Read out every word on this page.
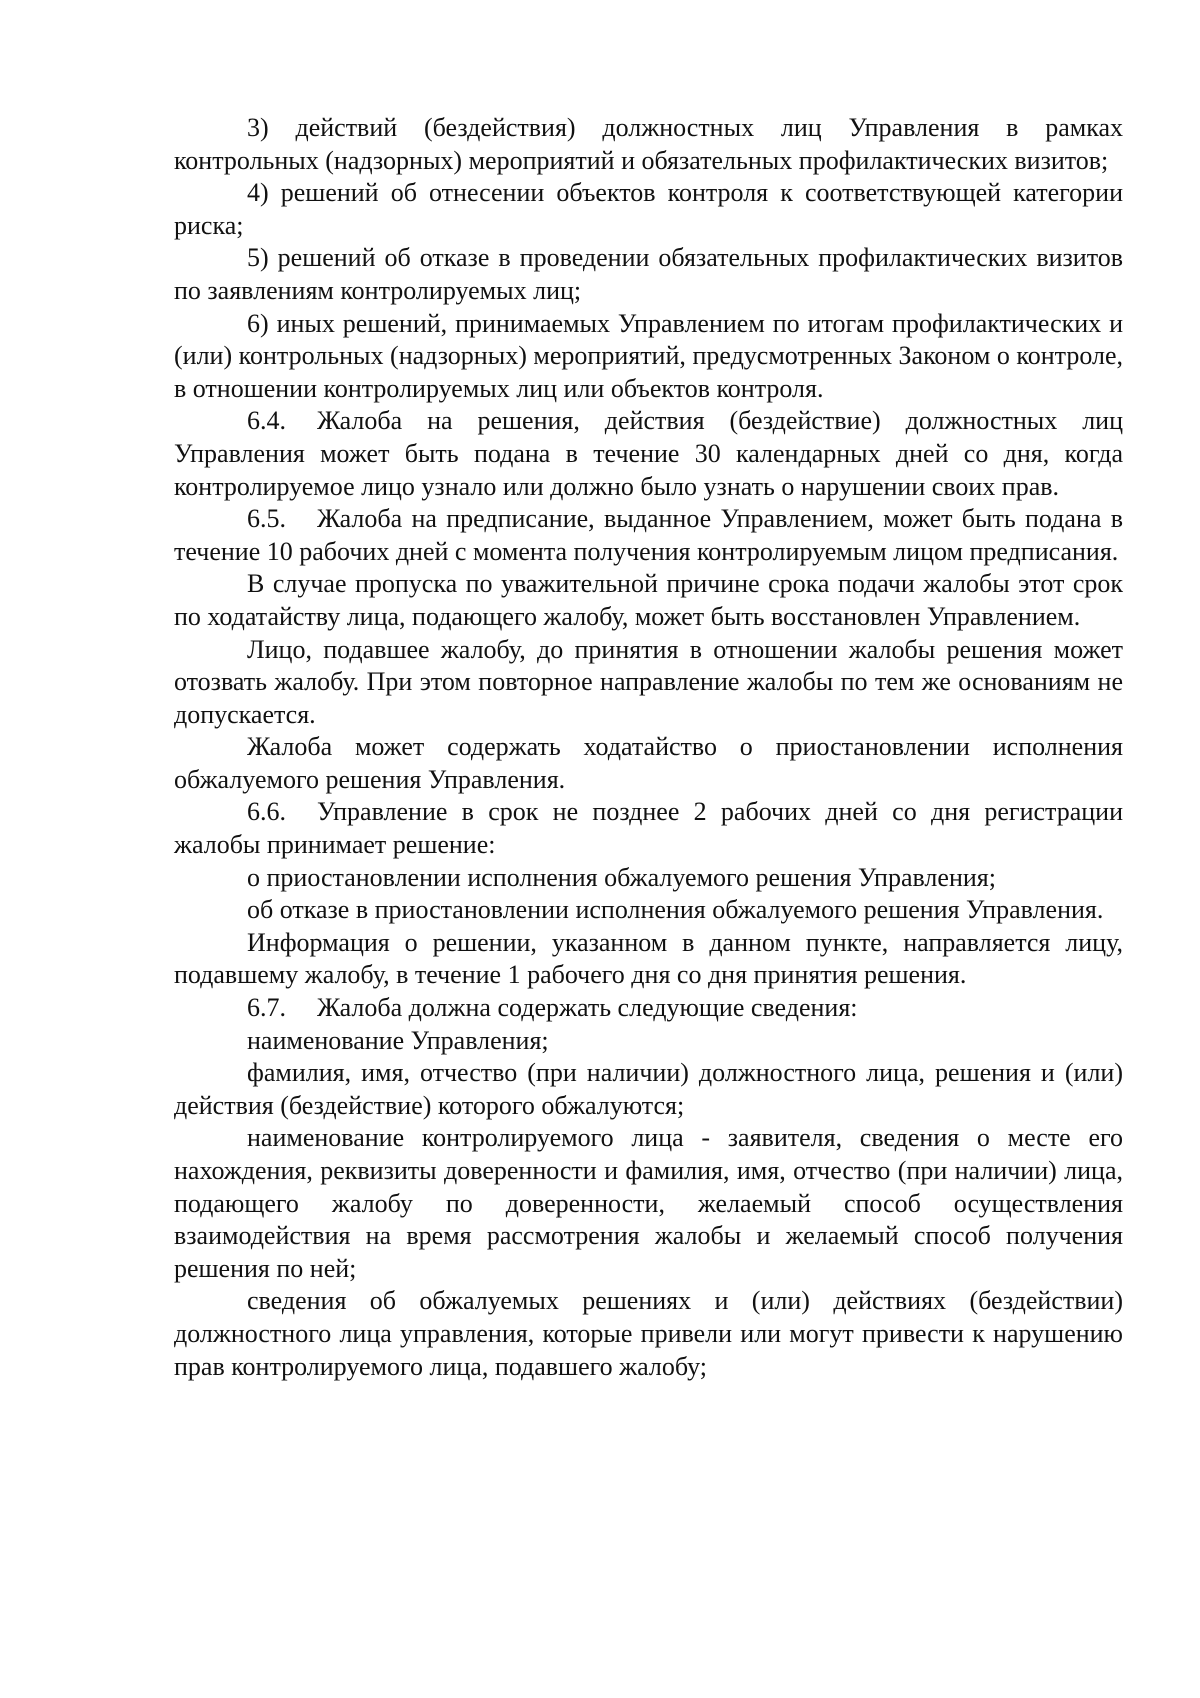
3) действий (бездействия) должностных лиц Управления в рамках контрольных (надзорных) мероприятий и обязательных профилактических визитов;

4) решений об отнесении объектов контроля к соответствующей категории риска;

5) решений об отказе в проведении обязательных профилактических визитов по заявлениям контролируемых лиц;

6) иных решений, принимаемых Управлением по итогам профилактических и (или) контрольных (надзорных) мероприятий, предусмотренных Законом о контроле, в отношении контролируемых лиц или объектов контроля.

6.4. Жалоба на решения, действия (бездействие) должностных лиц Управления может быть подана в течение 30 календарных дней со дня, когда контролируемое лицо узнало или должно было узнать о нарушении своих прав.

6.5. Жалоба на предписание, выданное Управлением, может быть подана в течение 10 рабочих дней с момента получения контролируемым лицом предписания.

В случае пропуска по уважительной причине срока подачи жалобы этот срок по ходатайству лица, подающего жалобу, может быть восстановлен Управлением.

Лицо, подавшее жалобу, до принятия в отношении жалобы решения может отозвать жалобу. При этом повторное направление жалобы по тем же основаниям не допускается.

Жалоба может содержать ходатайство о приостановлении исполнения обжалуемого решения Управления.

6.6. Управление в срок не позднее 2 рабочих дней со дня регистрации жалобы принимает решение:

о приостановлении исполнения обжалуемого решения Управления;

об отказе в приостановлении исполнения обжалуемого решения Управления.

Информация о решении, указанном в данном пункте, направляется лицу, подавшему жалобу, в течение 1 рабочего дня со дня принятия решения.

6.7. Жалоба должна содержать следующие сведения:

наименование Управления;

фамилия, имя, отчество (при наличии) должностного лица, решения и (или) действия (бездействие) которого обжалуются;

наименование контролируемого лица - заявителя, сведения о месте его нахождения, реквизиты доверенности и фамилия, имя, отчество (при наличии) лица, подающего жалобу по доверенности, желаемый способ осуществления взаимодействия на время рассмотрения жалобы и желаемый способ получения решения по ней;

сведения об обжалуемых решениях и (или) действиях (бездействии) должностного лица управления, которые привели или могут привести к нарушению прав контролируемого лица, подавшего жалобу;
